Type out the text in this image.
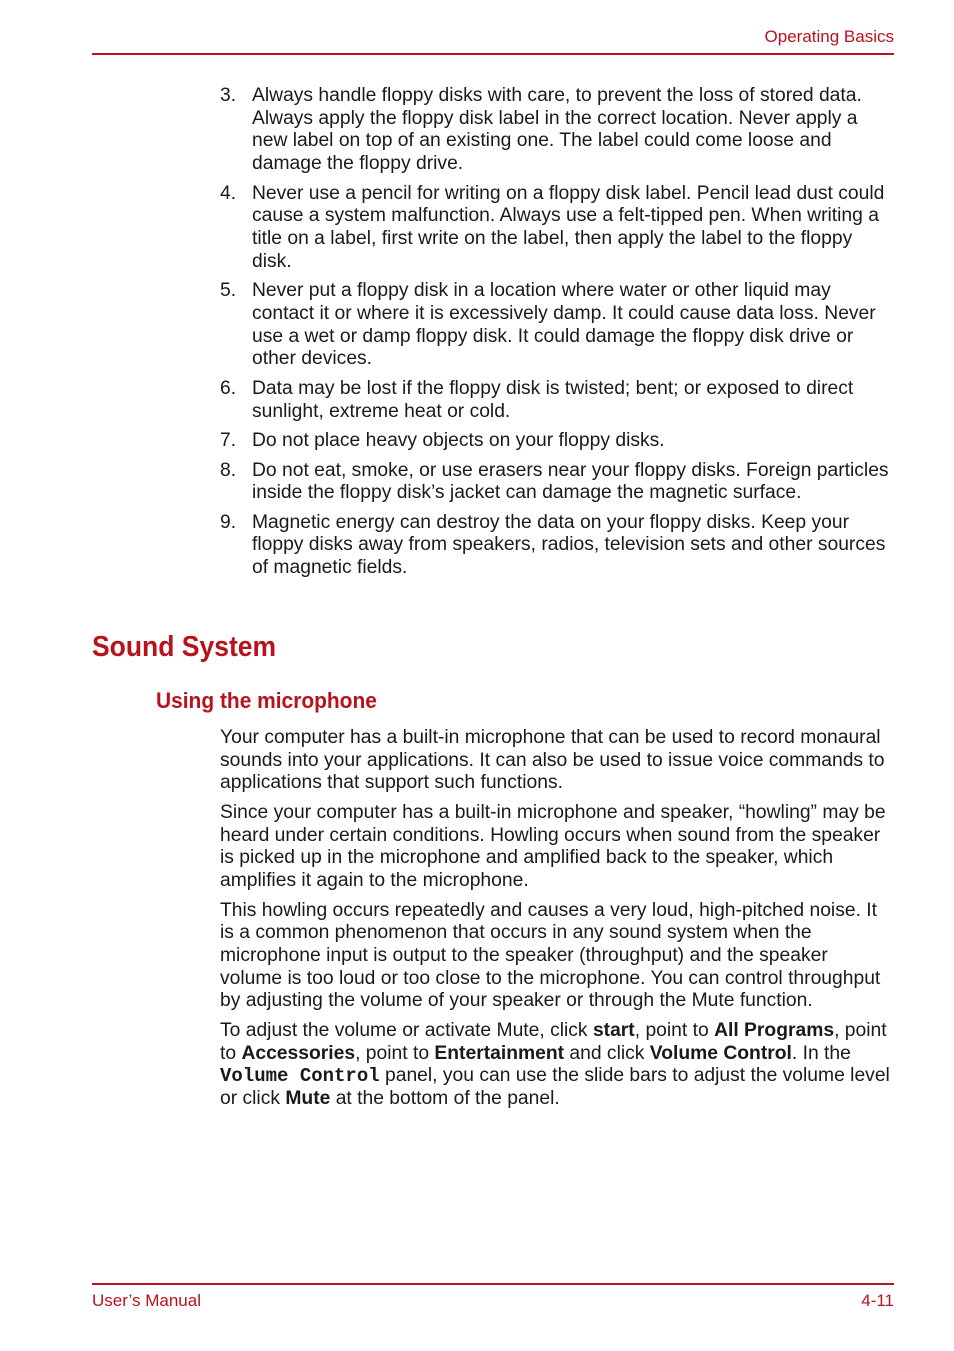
Operating Basics
3. Always handle floppy disks with care, to prevent the loss of stored data. Always apply the floppy disk label in the correct location. Never apply a new label on top of an existing one. The label could come loose and damage the floppy drive.
4. Never use a pencil for writing on a floppy disk label. Pencil lead dust could cause a system malfunction. Always use a felt-tipped pen. When writing a title on a label, first write on the label, then apply the label to the floppy disk.
5. Never put a floppy disk in a location where water or other liquid may contact it or where it is excessively damp. It could cause data loss. Never use a wet or damp floppy disk. It could damage the floppy disk drive or other devices.
6. Data may be lost if the floppy disk is twisted; bent; or exposed to direct sunlight, extreme heat or cold.
7. Do not place heavy objects on your floppy disks.
8. Do not eat, smoke, or use erasers near your floppy disks. Foreign particles inside the floppy disk’s jacket can damage the magnetic surface.
9. Magnetic energy can destroy the data on your floppy disks. Keep your floppy disks away from speakers, radios, television sets and other sources of magnetic fields.
Sound System
Using the microphone

Your computer has a built-in microphone that can be used to record monaural sounds into your applications. It can also be used to issue voice commands to applications that support such functions.

Since your computer has a built-in microphone and speaker, “howling” may be heard under certain conditions. Howling occurs when sound from the speaker is picked up in the microphone and amplified back to the speaker, which amplifies it again to the microphone.

This howling occurs repeatedly and causes a very loud, high-pitched noise. It is a common phenomenon that occurs in any sound system when the microphone input is output to the speaker (throughput) and the speaker volume is too loud or too close to the microphone. You can control throughput by adjusting the volume of your speaker or through the Mute function.

To adjust the volume or activate Mute, click start, point to All Programs, point to Accessories, point to Entertainment and click Volume Control. In the Volume Control panel, you can use the slide bars to adjust the volume level or click Mute at the bottom of the panel.

User’s Manual	4-11
